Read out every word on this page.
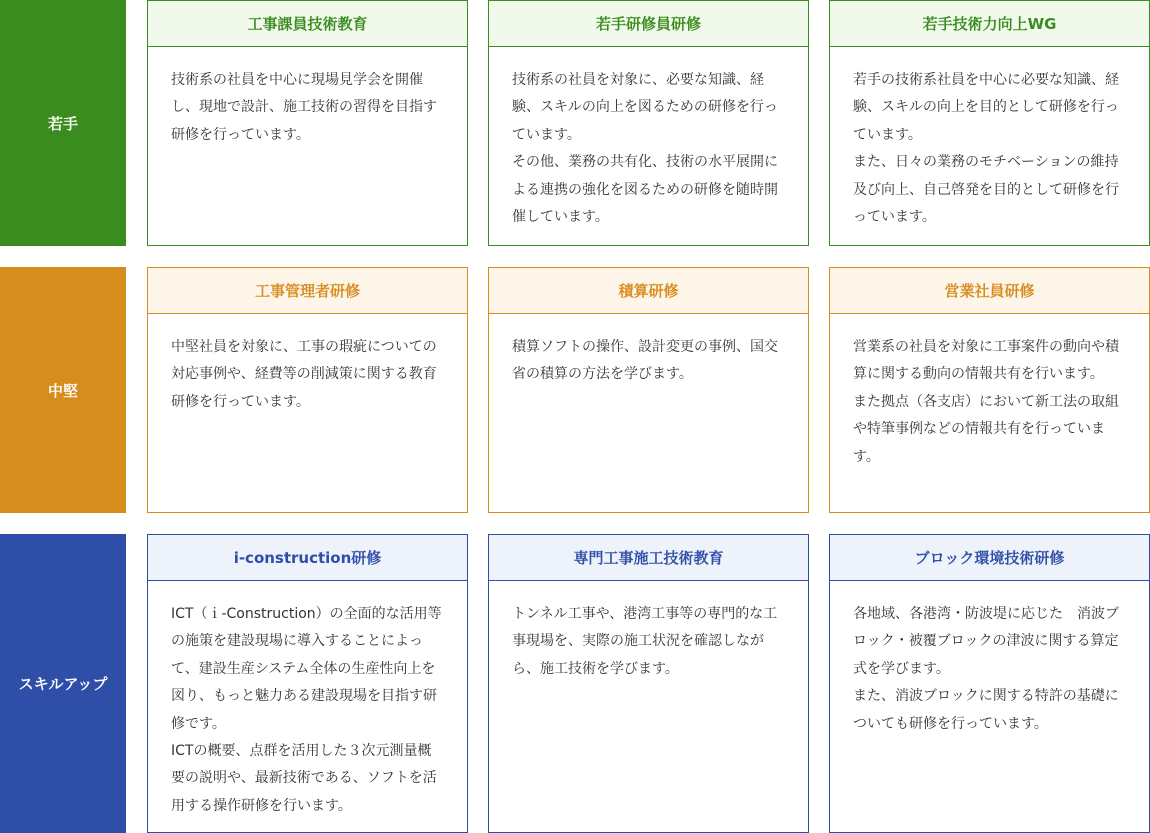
若手
工事課員技術教育

技術系の社員を中心に現場見学会を開催し、現地で設計、施工技術の習得を目指す研修を行っています。

若手研修員研修

技術系の社員を対象に、必要な知識、経験、スキルの向上を図るための研修を行っています。

その他、業務の共有化、技術の水平展開による連携の強化を図るための研修を随時開催しています。

若手技術力向上WG

若手の技術系社員を中心に必要な知識、経験、スキルの向上を目的として研修を行っています。

また、日々の業務のモチベーションの維持及び向上、自己啓発を目的として研修を行っています。

中堅
工事管理者研修

中堅社員を対象に、工事の瑕疵についての対応事例や、経費等の削減策に関する教育研修を行っています。

積算研修

積算ソフトの操作、設計変更の事例、国交省の積算の方法を学びます。

営業社員研修

営業系の社員を対象に工事案件の動向や積算に関する動向の情報共有を行います。

また拠点（各支店）において新工法の取組や特筆事例などの情報共有を行っています。

スキルアップ
i-construction研修

ICT（ｉ-Construction）の全面的な活用等の施策を建設現場に導入することによって、建設生産システム全体の生産性向上を図り、もっと魅力ある建設現場を目指す研修です。

ICTの概要、点群を活用した３次元測量概要の説明や、最新技術である、ソフトを活用する操作研修を行います。

専門工事施工技術教育

トンネル工事や、港湾工事等の専門的な工事現場を、実際の施工状況を確認しながら、施工技術を学びます。

ブロック環境技術研修

各地域、各港湾・防波堤に応じた　消波ブロック・被覆ブロックの津波に関する算定式を学びます。

また、消波ブロックに関する特許の基礎についても研修を行っています。
